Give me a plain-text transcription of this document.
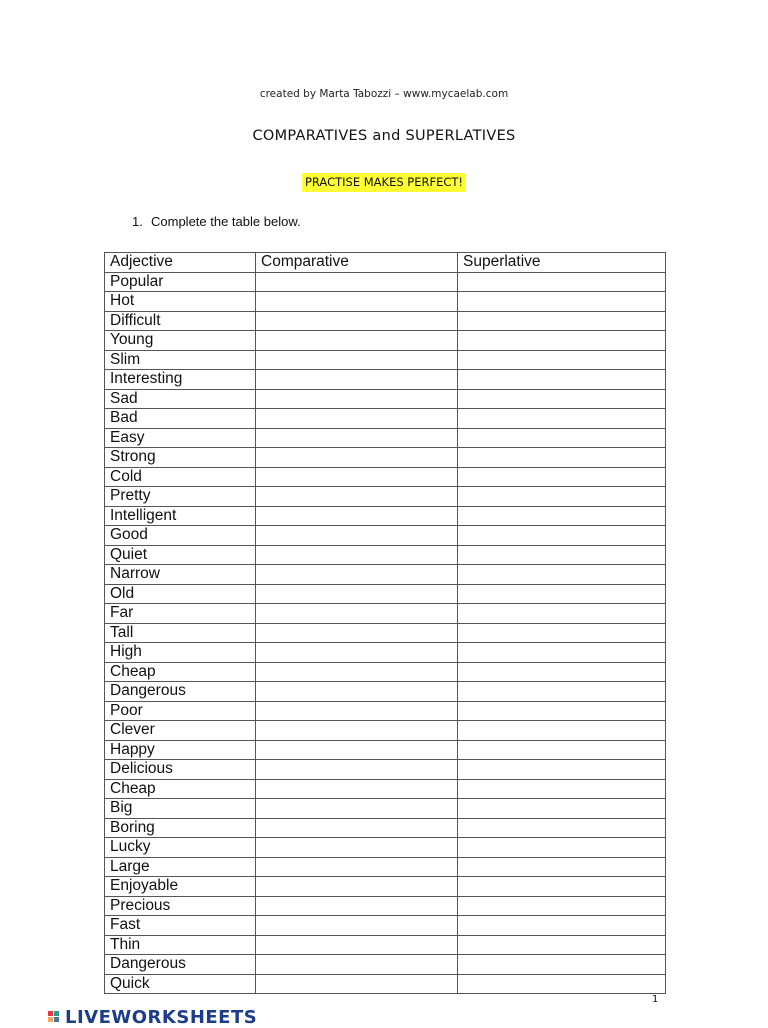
created by Marta Tabozzi – www.mycaelab.com
COMPARATIVES and SUPERLATIVES
PRACTISE MAKES PERFECT!
1. Complete the table below.
Adjective	Comparative	Superlative
Popular		
Hot		
Difficult		
Young		
Slim		
Interesting		
Sad		
Bad		
Easy		
Strong		
Cold		
Pretty		
Intelligent		
Good		
Quiet		
Narrow		
Old		
Far		
Tall		
High		
Cheap		
Dangerous		
Poor		
Clever		
Happy		
Delicious		
Cheap		
Big		
Boring		
Lucky		
Large		
Enjoyable		
Precious		
Fast		
Thin		
Dangerous		
Quick		
1
LIVEWORKSHEETS
